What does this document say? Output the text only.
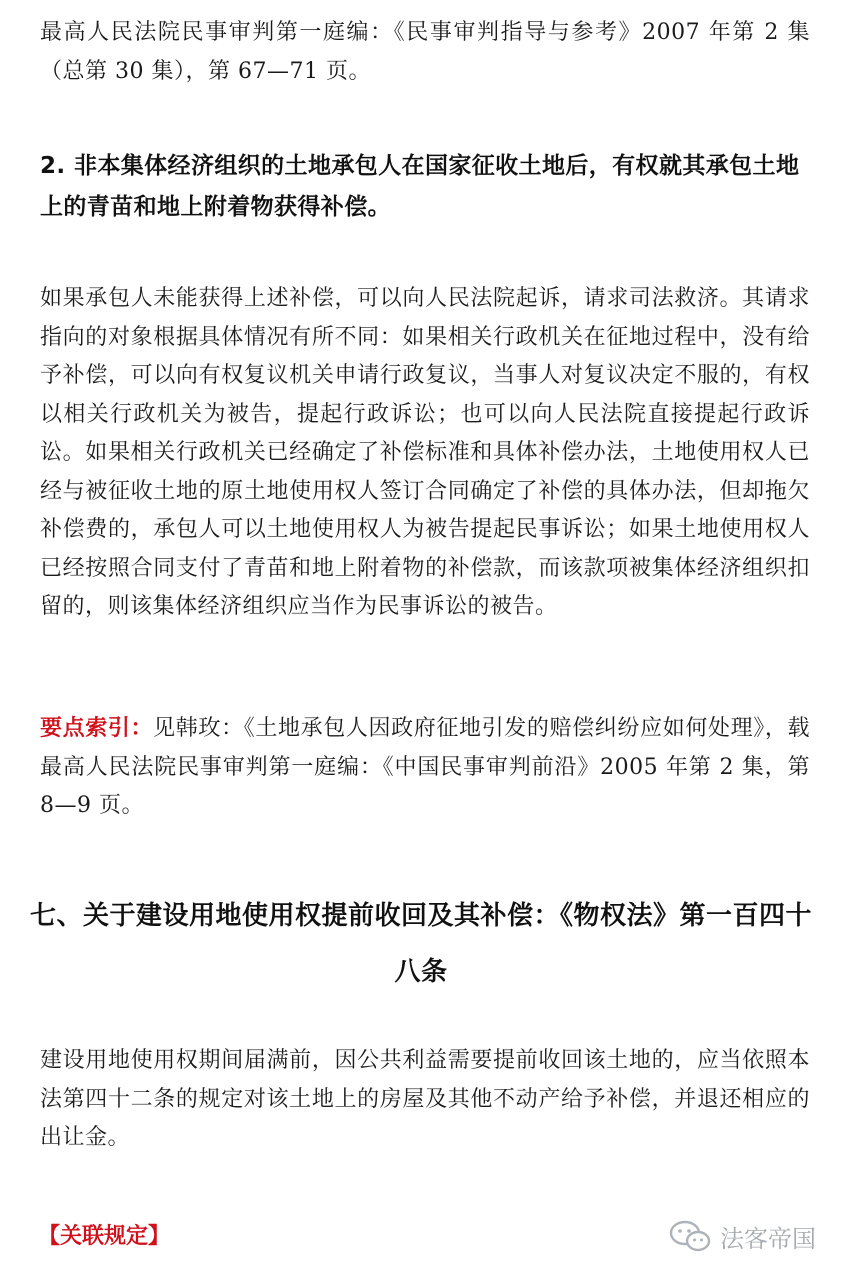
最高人民法院民事审判第一庭编：《民事审判指导与参考》2007 年第 2 集（总第 30 集），第 67—71 页。

2. 非本集体经济组织的土地承包人在国家征收土地后，有权就其承包土地上的青苗和地上附着物获得补偿。

如果承包人未能获得上述补偿，可以向人民法院起诉，请求司法救济。其请求指向的对象根据具体情况有所不同：如果相关行政机关在征地过程中，没有给予补偿，可以向有权复议机关申请行政复议，当事人对复议决定不服的，有权以相关行政机关为被告，提起行政诉讼；也可以向人民法院直接提起行政诉讼。如果相关行政机关已经确定了补偿标准和具体补偿办法，土地使用权人已经与被征收土地的原土地使用权人签订合同确定了补偿的具体办法，但却拖欠补偿费的，承包人可以土地使用权人为被告提起民事诉讼；如果土地使用权人已经按照合同支付了青苗和地上附着物的补偿款，而该款项被集体经济组织扣留的，则该集体经济组织应当作为民事诉讼的被告。

要点索引：见韩玫：《土地承包人因政府征地引发的赔偿纠纷应如何处理》，载最高人民法院民事审判第一庭编：《中国民事审判前沿》2005 年第 2 集，第 8—9 页。

七、关于建设用地使用权提前收回及其补偿：《物权法》第一百四十八条

建设用地使用权期间届满前，因公共利益需要提前收回该土地的，应当依照本法第四十二条的规定对该土地上的房屋及其他不动产给予补偿，并退还相应的出让金。

【关联规定】	法客帝国
